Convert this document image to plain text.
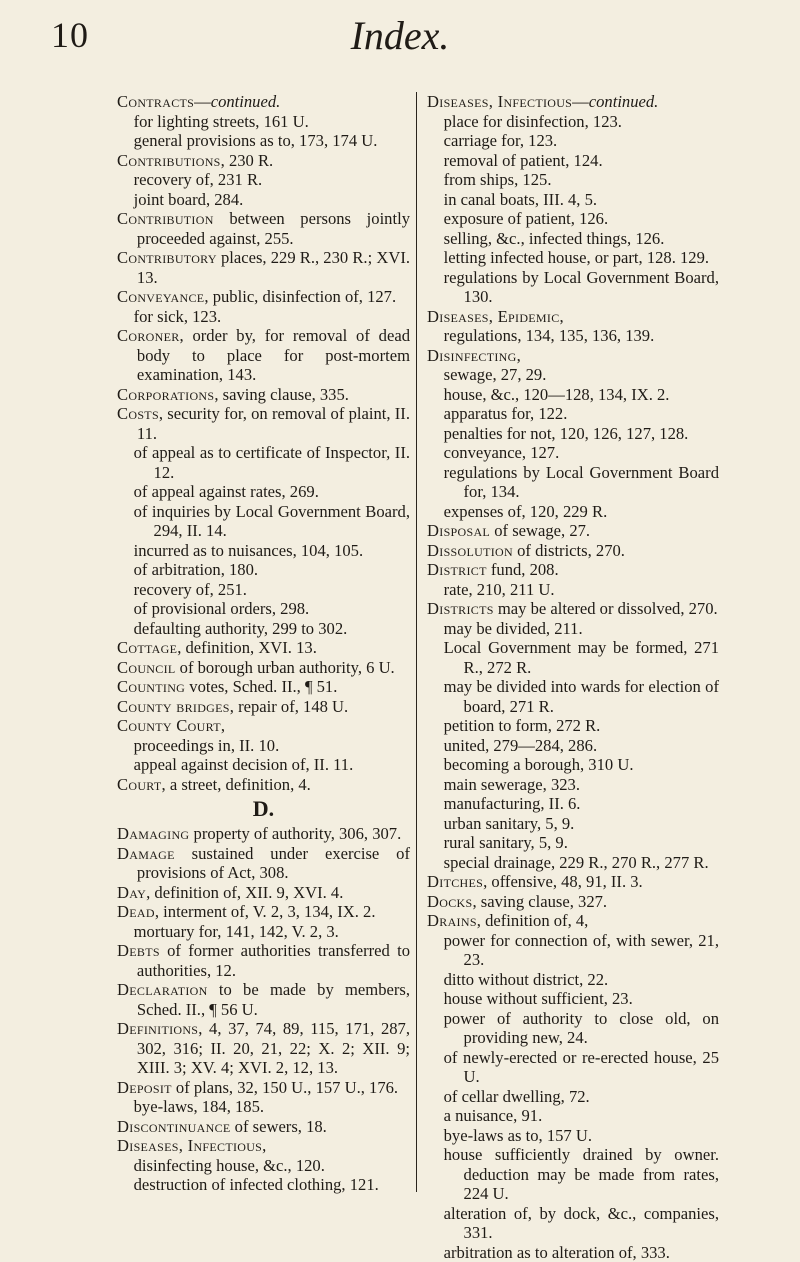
10	Index.
Contracts—continued.
for lighting streets, 161 U.
general provisions as to, 173, 174 U.
Contributions, 230 R.
recovery of, 231 R.
joint board, 284.
Contribution between persons jointly proceeded against, 255.
Contributory places, 229 R., 230 R.; XVI. 13.
Conveyance, public, disinfection of, 127.
for sick, 123.
Coroner, order by, for removal of dead body to place for post-mortem examination, 143.
Corporations, saving clause, 335.
Costs, security for, on removal of plaint, II. 11.
of appeal as to certificate of Inspector, II. 12.
of appeal against rates, 269.
of inquiries by Local Government Board, 294, II. 14.
incurred as to nuisances, 104, 105.
of arbitration, 180.
recovery of, 251.
of provisional orders, 298.
defaulting authority, 299 to 302.
Cottage, definition, XVI. 13.
Council of borough urban authority, 6 U.
Counting votes, Sched. II., ¶ 51.
County bridges, repair of, 148 U.
County Court,
proceedings in, II. 10.
appeal against decision of, II. 11.
Court, a street, definition, 4.
D.
Damaging property of authority, 306, 307.
Damage sustained under exercise of provisions of Act, 308.
Day, definition of, XII. 9, XVI. 4.
Dead, interment of, V. 2, 3, 134, IX. 2.
mortuary for, 141, 142, V. 2, 3.
Debts of former authorities transferred to authorities, 12.
Declaration to be made by members, Sched. II., ¶ 56 U.
Definitions, 4, 37, 74, 89, 115, 171, 287, 302, 316; II. 20, 21, 22; X. 2; XII. 9; XIII. 3; XV. 4; XVI. 2, 12, 13.
Deposit of plans, 32, 150 U., 157 U., 176.
bye-laws, 184, 185.
Discontinuance of sewers, 18.
Diseases, Infectious,
disinfecting house, &c., 120.
destruction of infected clothing, 121.
Diseases, Infectious—continued.
place for disinfection, 123.
carriage for, 123.
removal of patient, 124.
from ships, 125.
in canal boats, III. 4, 5.
exposure of patient, 126.
selling, &c., infected things, 126.
letting infected house, or part, 128. 129.
regulations by Local Government Board, 130.
Diseases, Epidemic,
regulations, 134, 135, 136, 139.
Disinfecting,
sewage, 27, 29.
house, &c., 120—128, 134, IX. 2.
apparatus for, 122.
penalties for not, 120, 126, 127, 128.
conveyance, 127.
regulations by Local Government Board for, 134.
expenses of, 120, 229 R.
Disposal of sewage, 27.
Dissolution of districts, 270.
District fund, 208.
rate, 210, 211 U.
Districts may be altered or dissolved, 270.
may be divided, 211.
Local Government may be formed, 271 R., 272 R.
may be divided into wards for election of board, 271 R.
petition to form, 272 R.
united, 279—284, 286.
becoming a borough, 310 U.
main sewerage, 323.
manufacturing, II. 6.
urban sanitary, 5, 9.
rural sanitary, 5, 9.
special drainage, 229 R., 270 R., 277 R.
Ditches, offensive, 48, 91, II. 3.
Docks, saving clause, 327.
Drains, definition of, 4,
power for connection of, with sewer, 21, 23.
ditto without district, 22.
house without sufficient, 23.
power of authority to close old, on providing new, 24.
of newly-erected or re-erected house, 25 U.
of cellar dwelling, 72.
a nuisance, 91.
bye-laws as to, 157 U.
house sufficiently drained by owner. deduction may be made from rates, 224 U.
alteration of, by dock, &c., companies, 331.
arbitration as to alteration of, 333.
